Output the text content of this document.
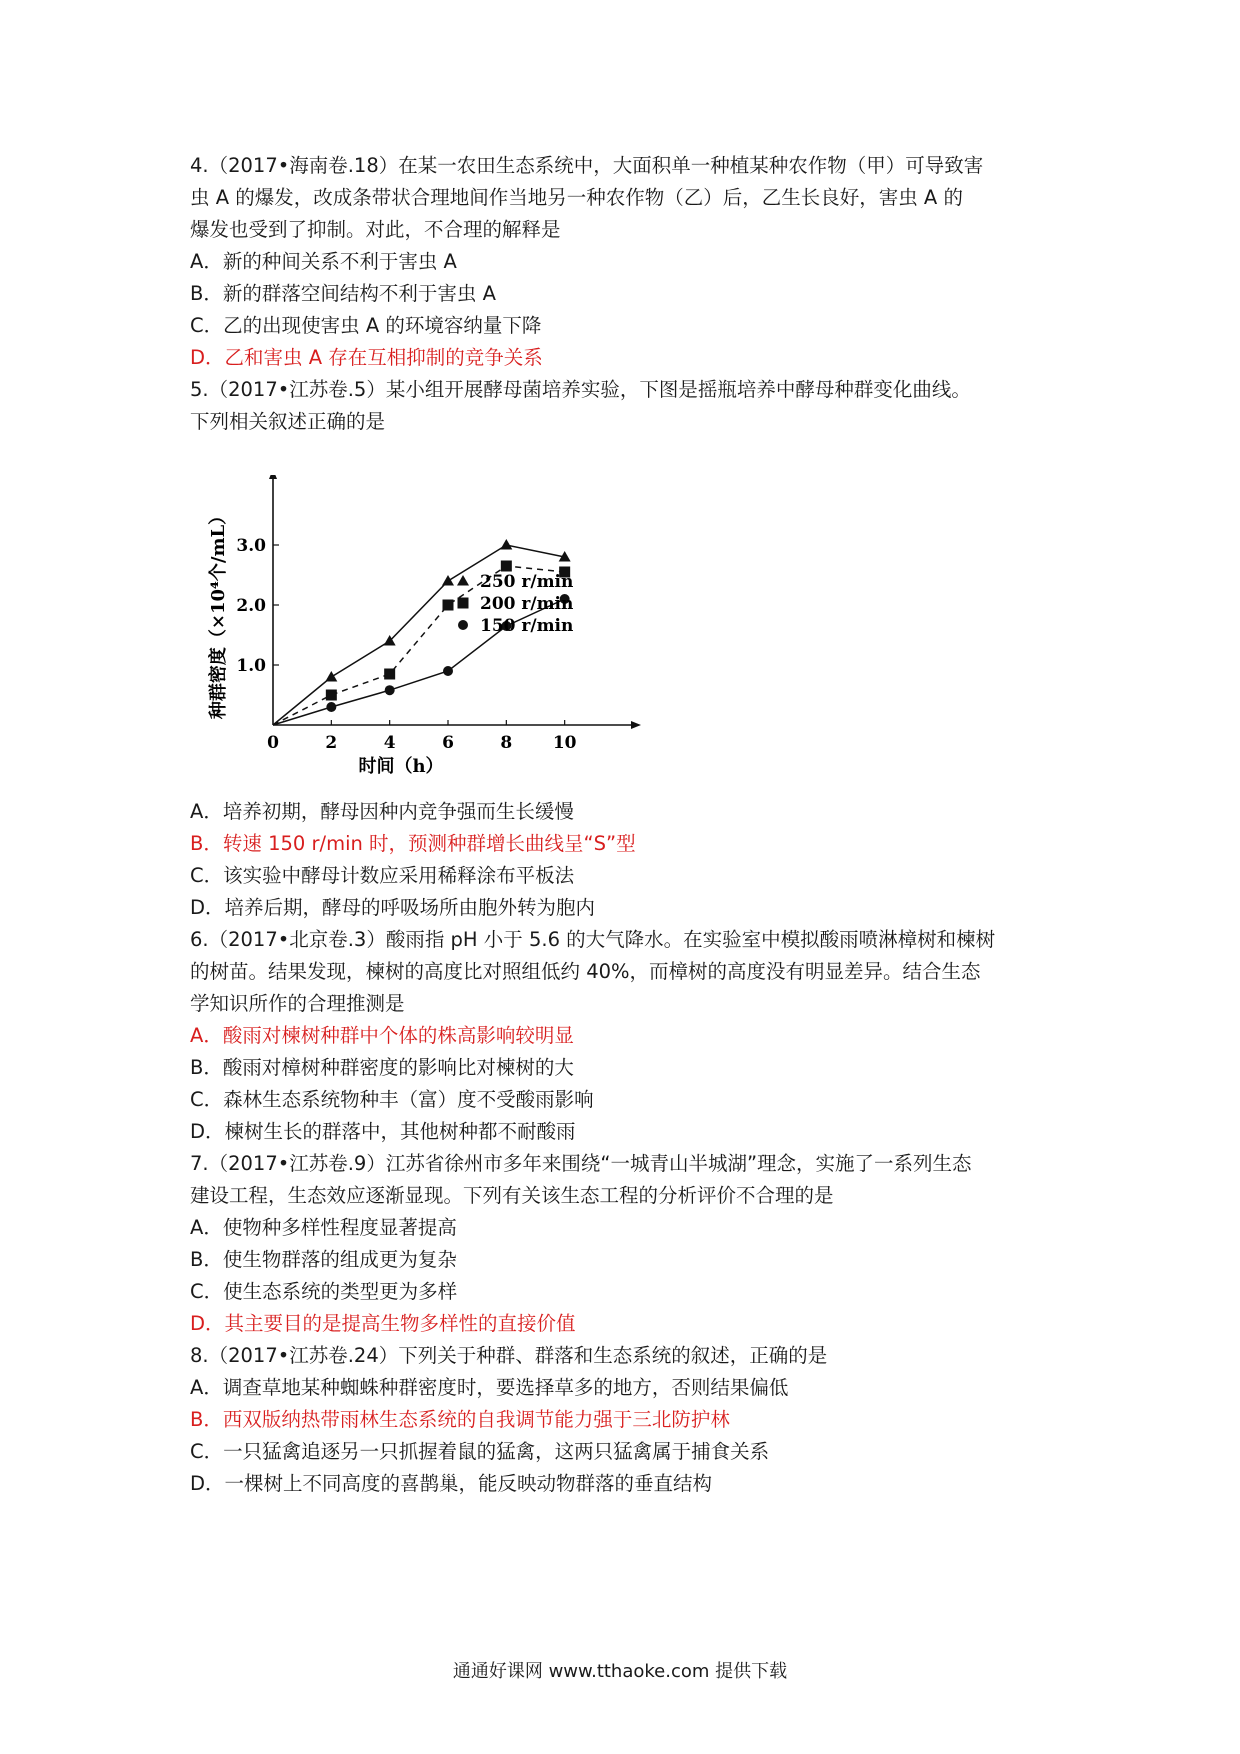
4.（2017•海南卷.18）在某一农田生态系统中，大面积单一种植某种农作物（甲）可导致害
虫 A 的爆发，改成条带状合理地间作当地另一种农作物（乙）后，乙生长良好，害虫 A 的
爆发也受到了抑制。对此，不合理的解释是
A．新的种间关系不利于害虫 A
B．新的群落空间结构不利于害虫 A
C．乙的出现使害虫 A 的环境容纳量下降
D．乙和害虫 A 存在互相抑制的竞争关系
5.（2017•江苏卷.5）某小组开展酵母菌培养实验，下图是摇瓶培养中酵母种群变化曲线。
下列相关叙述正确的是
0	2	4	6	8 10
1.0
2.0
3.0
时间（h）
种群密度（×10⁴个/mL）	250 r/min
200 r/min
150 r/min
A．培养初期，酵母因种内竞争强而生长缓慢
B．转速 150 r/min 时，预测种群增长曲线呈“S”型
C．该实验中酵母计数应采用稀释涂布平板法
D．培养后期，酵母的呼吸场所由胞外转为胞内
6.（2017•北京卷.3）酸雨指 pH 小于 5.6 的大气降水。在实验室中模拟酸雨喷淋樟树和楝树
的树苗。结果发现，楝树的高度比对照组低约 40%，而樟树的高度没有明显差异。结合生态
学知识所作的合理推测是
A．酸雨对楝树种群中个体的株高影响较明显
B．酸雨对樟树种群密度的影响比对楝树的大
C．森林生态系统物种丰（富）度不受酸雨影响
D．楝树生长的群落中，其他树种都不耐酸雨
7.（2017•江苏卷.9）江苏省徐州市多年来围绕“一城青山半城湖”理念，实施了一系列生态
建设工程，生态效应逐渐显现。下列有关该生态工程的分析评价不合理的是
A．使物种多样性程度显著提高
B．使生物群落的组成更为复杂
C．使生态系统的类型更为多样
D．其主要目的是提高生物多样性的直接价值
8.（2017•江苏卷.24）下列关于种群、群落和生态系统的叙述，正确的是
A．调查草地某种蜘蛛种群密度时，要选择草多的地方，否则结果偏低
B．西双版纳热带雨林生态系统的自我调节能力强于三北防护林
C．一只猛禽追逐另一只抓握着鼠的猛禽，这两只猛禽属于捕食关系
D．一棵树上不同高度的喜鹊巢，能反映动物群落的垂直结构
通通好课网 www.tthaoke.com 提供下载
